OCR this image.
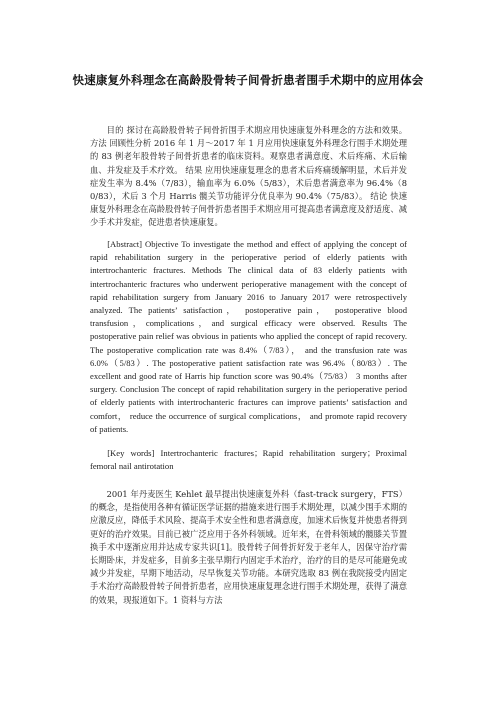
快速康复外科理念在高龄股骨转子间骨折患者围手术期中的应用体会
目的 探讨在高龄股骨转子间骨折围手术期应用快速康复外科理念的方法和效果。 方法 回顾性分析 2016 年 1 月～2017 年 1 月应用快速康复外科理念行围手术期处理的 83 例老年股骨转子间骨折患者的临床资料。观察患者满意度、术后疼痛、术后输血、并发症及手术疗效。 结果 应用快速康复理念的患者术后疼痛缓解明显，术后并发症发生率为 8.4%（7/83），输血率为 6.0%（5/83），术后患者满意率为 96.4%（80/83），术后 3 个月 Harris 髋关节功能评分优良率为 90.4%（75/83）。 结论 快速康复外科理念在高龄股骨转子间骨折患者围手术期应用可提高患者满意度及舒适度、减少手术并发症，促进患者快速康复。
[Abstract] Objective To investigate the method and effect of applying the concept of rapid rehabilitation surgery in the perioperative period of elderly patients with intertrochanteric fractures. Methods The clinical data of 83 elderly patients with intertrochanteric fractures who underwent perioperative management with the concept of rapid rehabilitation surgery from January 2016 to January 2017 were retrospectively analyzed. The patients’ satisfaction， postoperative pain， postoperative blood transfusion，complications，and surgical efficacy were observed. Results The postoperative pain relief was obvious in patients who applied the concept of rapid recovery. The postoperative complication rate was 8.4%（7/83）， and the transfusion rate was 6.0%（5/83）. The postoperative patient satisfaction rate was 96.4%（80/83）. The excellent and good rate of Harris hip function score was 90.4%（75/83） 3 months after surgery. Conclusion The concept of rapid rehabilitation surgery in the perioperative period of elderly patients with intertrochanteric fractures can improve patients’ satisfaction and comfort， reduce the occurrence of surgical complications， and promote rapid recovery of patients.
[Key words] Intertrochanteric fractures；Rapid rehabilitation surgery；Proximal femoral nail antirotation
2001 年丹麦医生 Kehlet 最早提出快速康复外科（fast-track surgery，FTS）的概念，是指使用各种有循证医学证据的措施来进行围手术期处理，以减少围手术期的应激反应，降低手术风险、提高手术安全性和患者满意度，加速术后恢复并使患者得到更好的治疗效果。目前已被广泛应用于各外科领域。近年来，在骨科领域的髋膝关节置换手术中逐渐应用并达成专家共识[1]。股骨转子间骨折好发于老年人，因保守治疗需长期卧床，并发症多，目前多主张早期行内固定手术治疗，治疗的目的是尽可能避免或减少并发症，早期下地活动，尽早恢复关节功能。本研究选取 83 例在我院接受内固定手术治疗高龄股骨转子间骨折患者，应用快速康复理念进行围手术期处理，获得了满意的效果，现报道如下。1 资料与方法
